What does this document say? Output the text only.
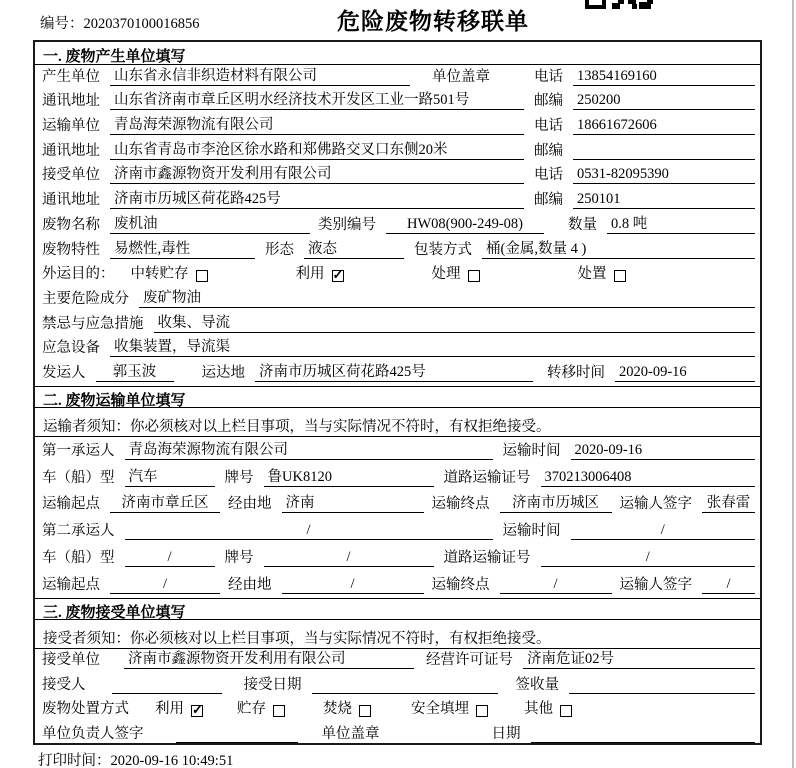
编号：2020370100016856	危险废物转移联单
一. 废物产生单位填写
产生单位 山东省永信非织造材料有限公司	单位盖章	电话 13854169160
通讯地址 山东省济南市章丘区明水经济技术开发区工业一路501号	邮编 250200
运输单位 青岛海荣源物流有限公司	电话 18661672606
通讯地址 山东省青岛市李沧区徐水路和郑佛路交叉口东侧20米	邮编
接受单位 济南市鑫源物资开发利用有限公司	电话 0531-82095390
通讯地址 济南市历城区荷花路425号	邮编 250101
废物名称 废机油	类别编号	HW08(900-249-08)	数量 0.8 吨
废物特性 易燃性,毒性	形态 液态	包装方式 桶(金属,数量 4 )
外运目的： 中转贮存	利用 ✓	处理	处置
主要危险成分 废矿物油
禁忌与应急措施 收集、导流
应急设备 收集装置，导流渠
发运人	郭玉波	运达地 济南市历城区荷花路425号	转移时间 2020-09-16
二. 废物运输单位填写
运输者须知：你必须核对以上栏目事项，当与实际情况不符时，有权拒绝接受。
第一承运人 青岛海荣源物流有限公司	运输时间 2020-09-16
车（船）型 汽车	牌号 鲁UK8120	道路运输证号 370213006408
运输起点	济南市章丘区	经由地 济南	运输终点	济南市历城区	运输人签字	张春雷
第二承运人	/	运输时间	/
车（船）型	/	牌号	/	道路运输证号	/
运输起点	/	经由地	/	运输终点	/	运输人签字	/
三. 废物接受单位填写
接受者须知：你必须核对以上栏目事项，当与实际情况不符时，有权拒绝接受。
接受单位 济南市鑫源物资开发利用有限公司	经营许可证号 济南危证02号
接受人	接受日期	签收量
废物处置方式 利用 ✓	贮存	焚烧	安全填埋	其他
单位负责人签字	单位盖章	日期
打印时间：2020-09-16 10:49:51
